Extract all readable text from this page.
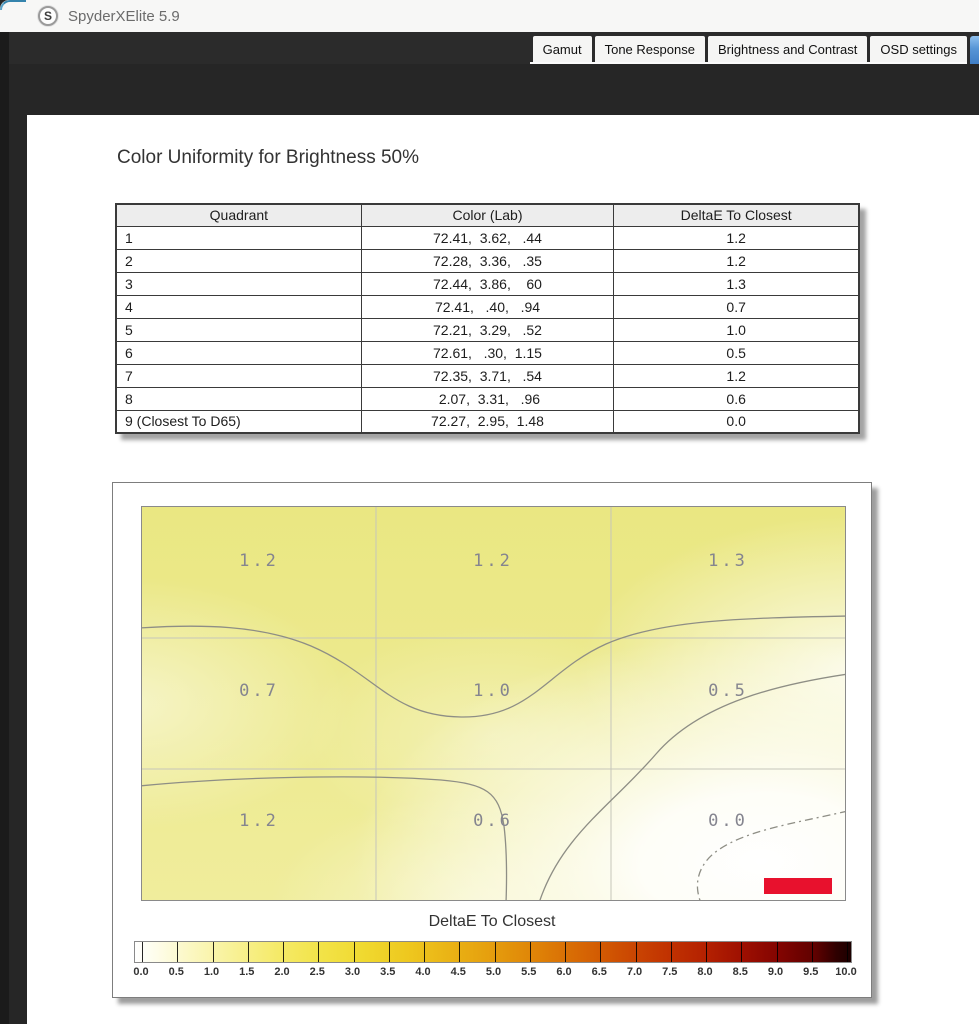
S	SpyderXElite 5.9
Gamut	Tone Response	Brightness and Contrast	OSD settings
Color Uniformity for Brightness 50%
Quadrant	Color (Lab)	DeltaE To Closest
1	72.41,  3.62,   .44	1.2
2	72.28,  3.36,   .35	1.2
3	72.44,  3.86,    60	1.3
4	72.41,   .40,   .94	0.7
5	72.21,  3.29,   .52	1.0
6	72.61,   .30,  1.15	0.5
7	72.35,  3.71,   .54	1.2
8	2.07,  3.31,   .96	0.6
9 (Closest To D65)	72.27,  2.95,  1.48	0.0
1.2	1.2	1.3
0.7	1.0	0.5
1.2	0.6	0.0
DeltaE To Closest
0.0 0.5 1.0 1.5 2.0 2.5 3.0 3.5 4.0 4.5 5.0 5.5 6.0 6.5 7.0 7.5 8.0 8.5 9.0 9.5 10.0
